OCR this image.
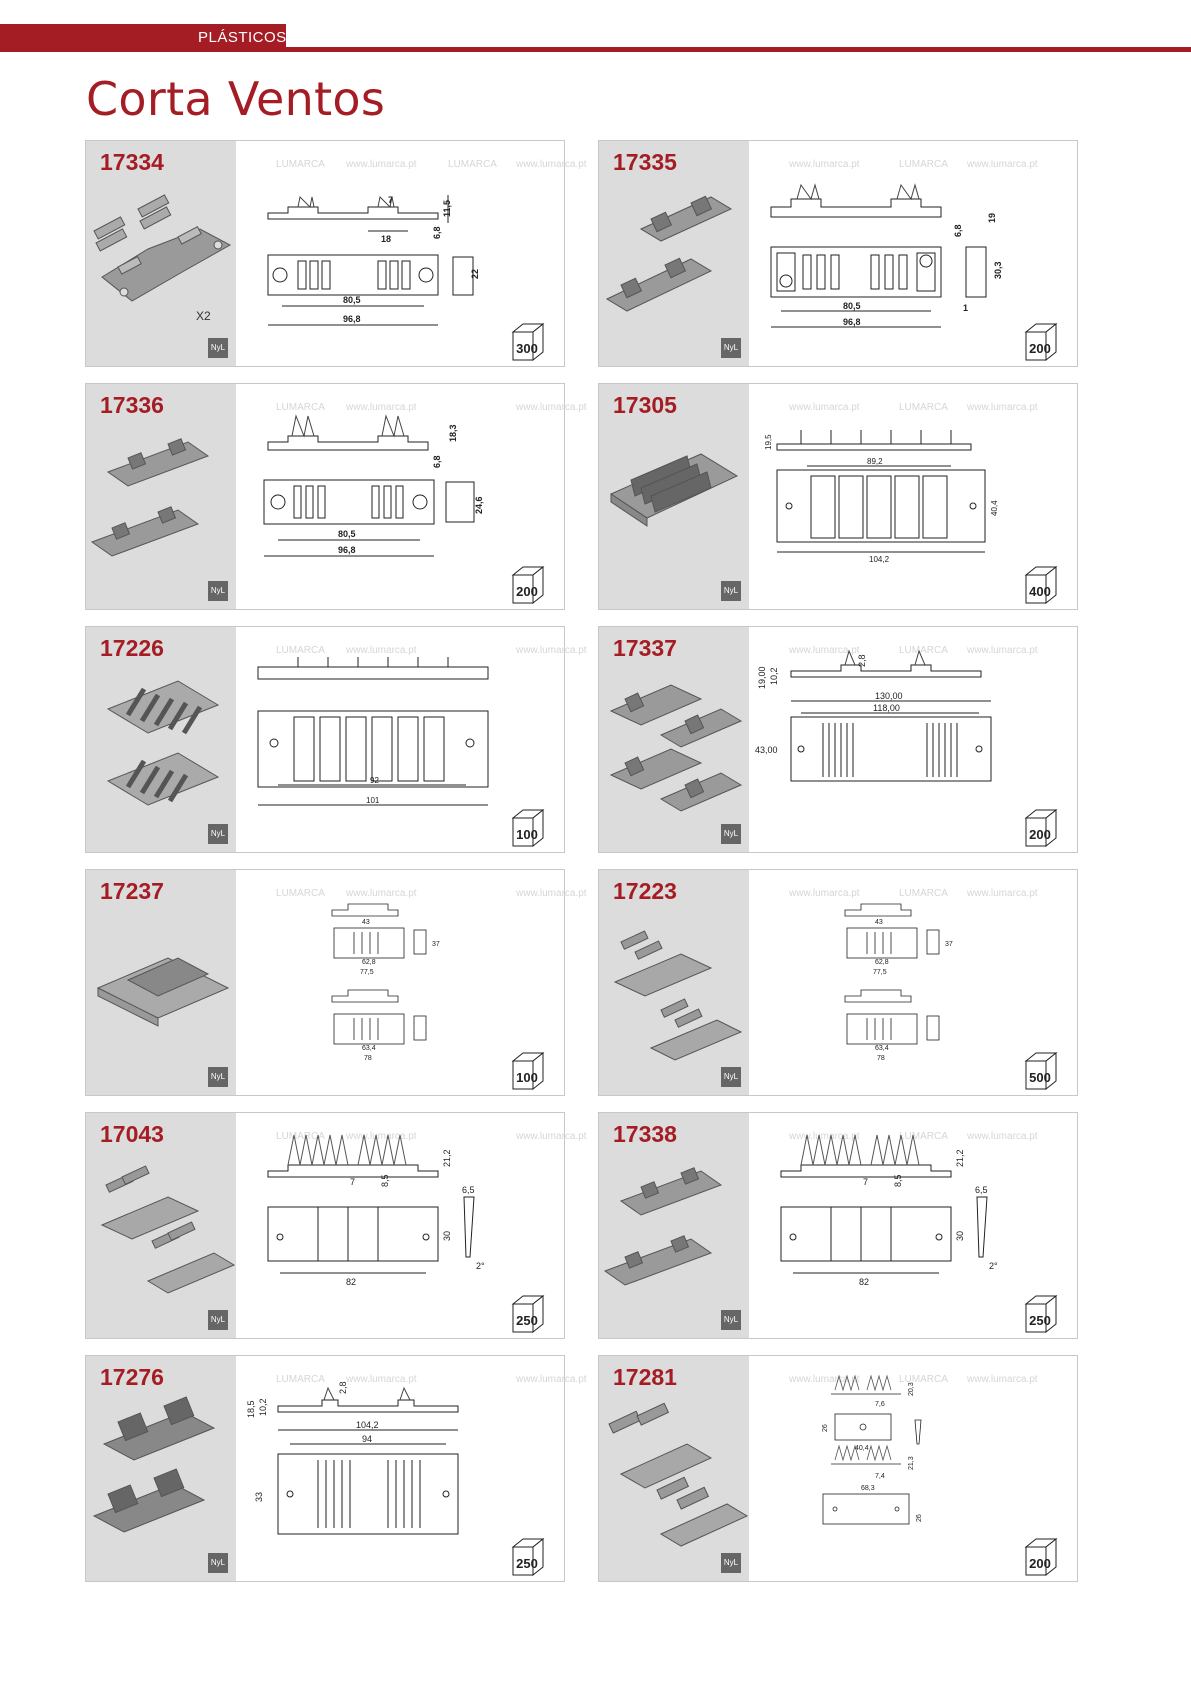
PLÁSTICOS
Corta Ventos
LUMARCA www.lumarca.pt	LUMARCA www.lumarca.pt
17334
X2
7	11,5
18	6,8
22
80,5
96,8
NyL	300
www.lumarca.pt	LUMARCA www.lumarca.pt
17335
19
6,8
30,3
1
80,5
96,8
NyL	200
LUMARCA www.lumarca.pt	www.lumarca.pt
17336
18,3
6,8
24,6
80,5
96,8
NyL	200
www.lumarca.pt	LUMARCA www.lumarca.pt
17305
19,5
89,2
40,4
104,2
NyL	400
LUMARCA www.lumarca.pt	www.lumarca.pt
17226
92
101
NyL	100
www.lumarca.pt	LUMARCA www.lumarca.pt
17337
19,00 10,2
2,8
130,00
118,00
43,00
NyL	200
LUMARCA www.lumarca.pt	www.lumarca.pt
17237
43
62,8
77,5
37
63,4
78
NyL	100
www.lumarca.pt	LUMARCA www.lumarca.pt
17223
43
62,8
77,5
37
63,4
78
NyL	500
LUMARCA www.lumarca.pt	www.lumarca.pt
17043
21,2
7	8,5
6,5
30
82
2°
NyL	250
www.lumarca.pt	LUMARCA www.lumarca.pt
17338
21,2
7	8,5
6,5
30
82
2°
NyL	250
LUMARCA www.lumarca.pt	www.lumarca.pt
17276
18,5 10,2
2,8
104,2
94
33
NyL	250
www.lumarca.pt	LUMARCA www.lumarca.pt
17281	20,3
7,6
26
40,4
21,3
68,3
7,4
26
NyL	200
